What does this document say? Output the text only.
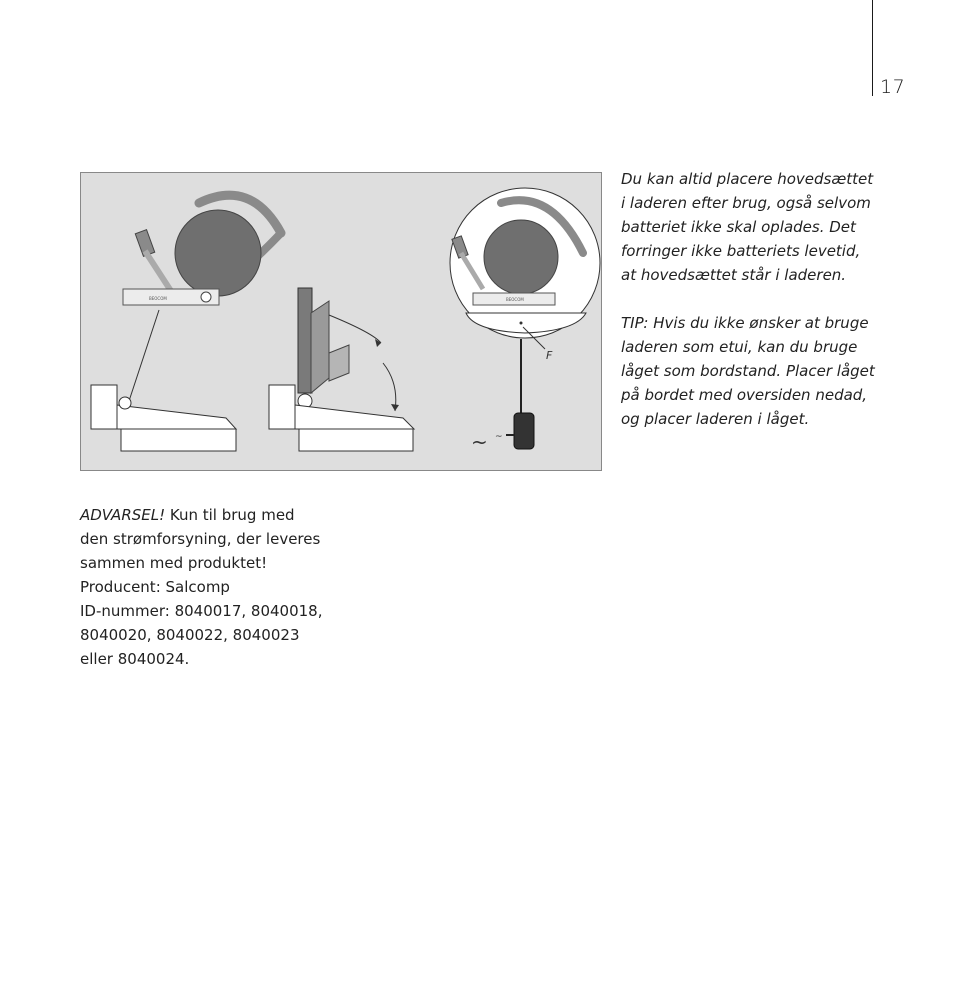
17
BEOCOM	BEOCOM
F
~ ~

Du kan altid placere hovedsættet i laderen efter brug, også selvom batteriet ikke skal oplades. Det forringer ikke batteriets levetid, at hovedsættet står i laderen.

TIP: Hvis du ikke ønsker at bruge laderen som etui, kan du bruge låget som bordstand. Placer låget på bordet med oversiden nedad, og placer laderen i låget.

ADVARSEL! Kun til brug med
den strømforsyning, der leveres
sammen med produktet!
Producent: Salcomp
ID-nummer: 8040017, 8040018,
8040020, 8040022, 8040023
eller 8040024.
